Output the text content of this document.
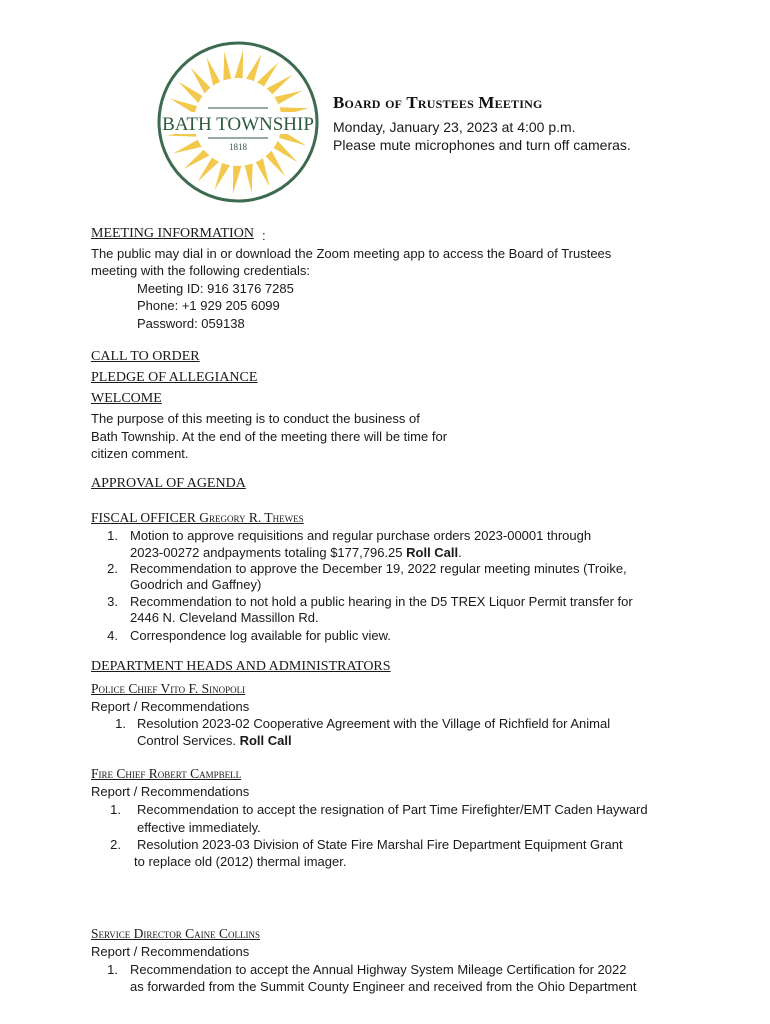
BATH TOWNSHIP
1818
Board of Trustees Meeting
Monday, January 23, 2023 at 4:00 p.m.
Please mute microphones and turn off cameras.
MEETING INFORMATION :
The public may dial in or download the Zoom meeting app to access the Board of Trustees
meeting with the following credentials:
Meeting ID: 916 3176 7285
Phone: +1 929 205 6099
Password: 059138
CALL TO ORDER
PLEDGE OF ALLEGIANCE
WELCOME
The purpose of this meeting is to conduct the business of
Bath Township. At the end of the meeting there will be time for
citizen comment.
APPROVAL OF AGENDA
FISCAL OFFICER Gregory R. Thewes
1. Motion to approve requisitions and regular purchase orders 2023-00001 through
2023-00272 andpayments totaling $177,796.25 Roll Call.
2. Recommendation to approve the December 19, 2022 regular meeting minutes (Troike,
Goodrich and Gaffney)
3. Recommendation to not hold a public hearing in the D5 TREX Liquor Permit transfer for
2446 N. Cleveland Massillon Rd.
4. Correspondence log available for public view.
DEPARTMENT HEADS AND ADMINISTRATORS
Police Chief Vito F. Sinopoli
Report / Recommendations
1. Resolution 2023-02 Cooperative Agreement with the Village of Richfield for Animal
Control Services. Roll Call
Fire Chief Robert Campbell
Report / Recommendations
1. Recommendation to accept the resignation of Part Time Firefighter/EMT Caden Hayward
effective immediately.
2. Resolution 2023-03 Division of State Fire Marshal Fire Department Equipment Grant
to replace old (2012) thermal imager.
Service Director Caine Collins
Report / Recommendations
1. Recommendation to accept the Annual Highway System Mileage Certification for 2022
as forwarded from the Summit County Engineer and received from the Ohio Department
